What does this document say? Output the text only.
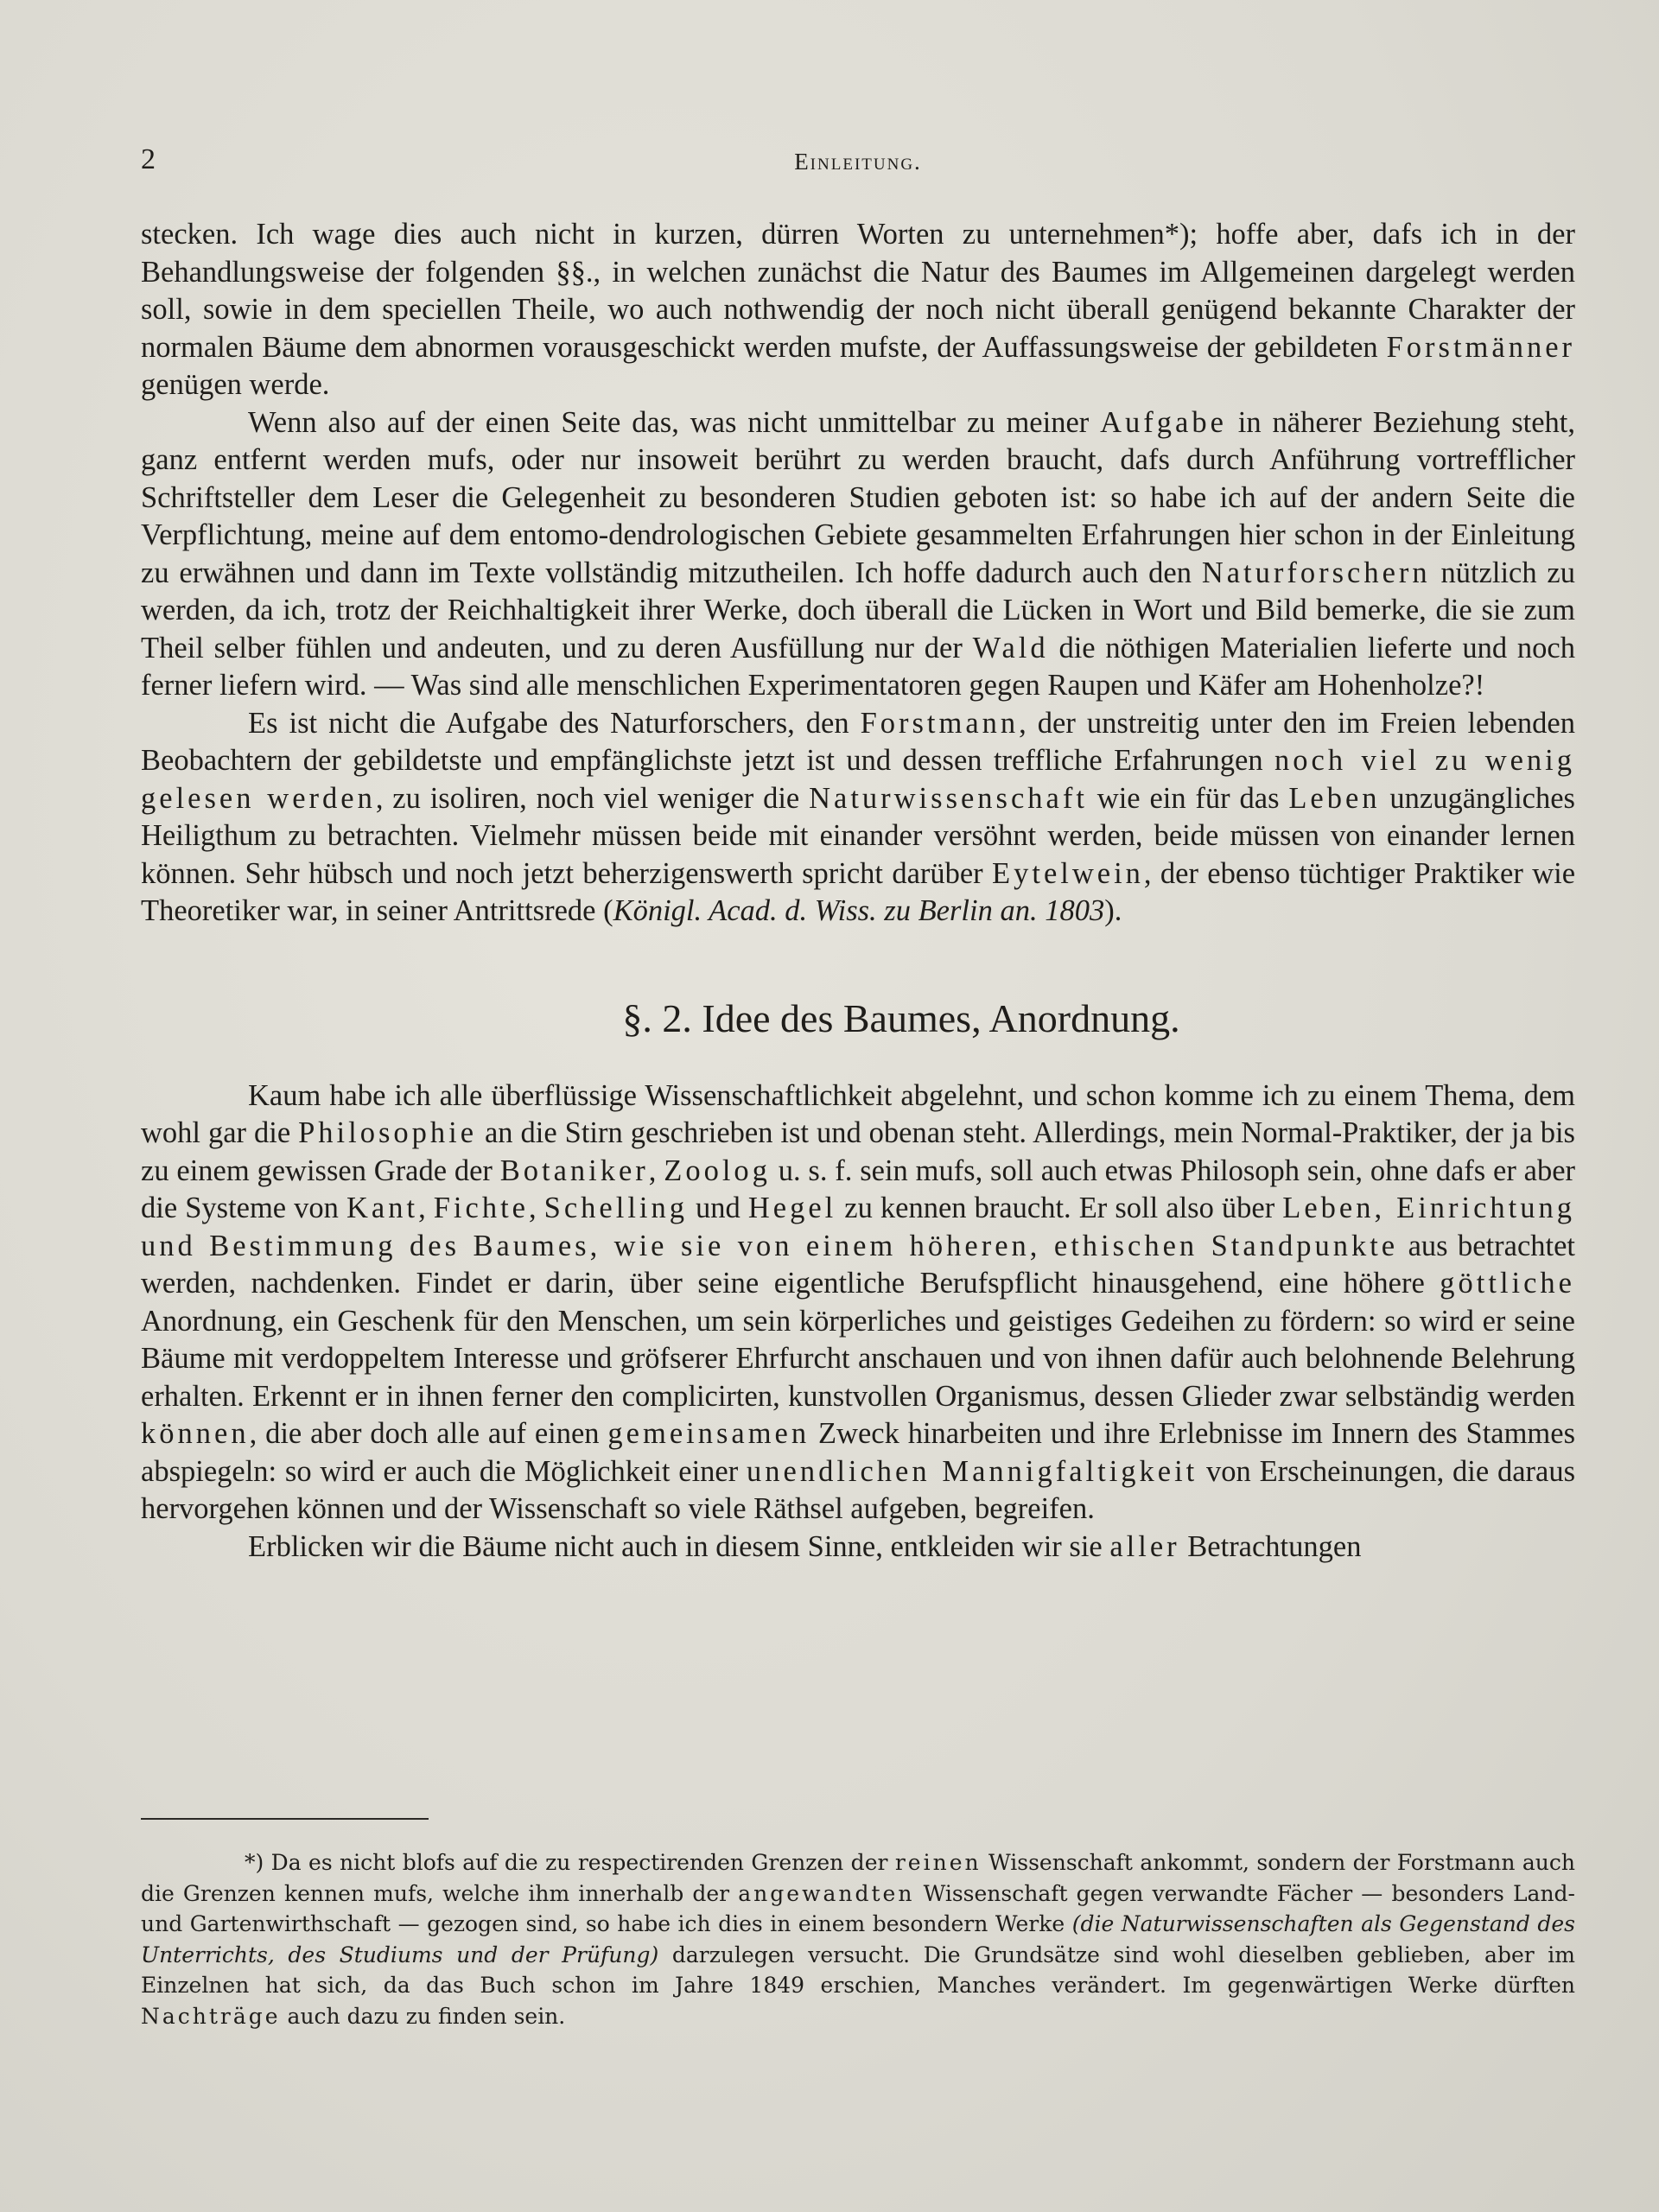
2	Einleitung.

stecken. Ich wage dies auch nicht in kurzen, dürren Worten zu unternehmen*); hoffe aber, dafs ich in der Behandlungsweise der folgenden §§., in welchen zunächst die Natur des Baumes im Allgemeinen dargelegt werden soll, sowie in dem speciellen Theile, wo auch nothwendig der noch nicht überall genügend bekannte Charakter der normalen Bäume dem abnormen vorausgeschickt werden mufste, der Auffassungsweise der gebildeten Forstmänner genügen werde.

Wenn also auf der einen Seite das, was nicht unmittelbar zu meiner Aufgabe in näherer Beziehung steht, ganz entfernt werden mufs, oder nur insoweit berührt zu werden braucht, dafs durch Anführung vortrefflicher Schriftsteller dem Leser die Gelegenheit zu besonderen Studien geboten ist: so habe ich auf der andern Seite die Verpflichtung, meine auf dem entomo-dendrologischen Gebiete gesammelten Erfahrungen hier schon in der Einleitung zu erwähnen und dann im Texte vollständig mitzutheilen. Ich hoffe dadurch auch den Naturforschern nützlich zu werden, da ich, trotz der Reichhaltigkeit ihrer Werke, doch überall die Lücken in Wort und Bild bemerke, die sie zum Theil selber fühlen und andeuten, und zu deren Ausfüllung nur der Wald die nöthigen Materialien lieferte und noch ferner liefern wird. — Was sind alle menschlichen Experimentatoren gegen Raupen und Käfer am Hohenholze?!

Es ist nicht die Aufgabe des Naturforschers, den Forstmann, der unstreitig unter den im Freien lebenden Beobachtern der gebildetste und empfänglichste jetzt ist und dessen treffliche Erfahrungen noch viel zu wenig gelesen werden, zu isoliren, noch viel weniger die Naturwissenschaft wie ein für das Leben unzugängliches Heiligthum zu betrachten. Vielmehr müssen beide mit einander versöhnt werden, beide müssen von einander lernen können. Sehr hübsch und noch jetzt beherzigenswerth spricht darüber Eytelwein, der ebenso tüchtiger Praktiker wie Theoretiker war, in seiner Antrittsrede (Königl. Acad. d. Wiss. zu Berlin an. 1803).

§. 2. Idee des Baumes, Anordnung.

Kaum habe ich alle überflüssige Wissenschaftlichkeit abgelehnt, und schon komme ich zu einem Thema, dem wohl gar die Philosophie an die Stirn geschrieben ist und obenan steht. Allerdings, mein Normal-Praktiker, der ja bis zu einem gewissen Grade der Botaniker, Zoolog u. s. f. sein mufs, soll auch etwas Philosoph sein, ohne dafs er aber die Systeme von Kant, Fichte, Schelling und Hegel zu kennen braucht. Er soll also über Leben, Einrichtung und Bestimmung des Baumes, wie sie von einem höheren, ethischen Standpunkte aus betrachtet werden, nachdenken. Findet er darin, über seine eigentliche Berufspflicht hinausgehend, eine höhere göttliche Anordnung, ein Geschenk für den Menschen, um sein körperliches und geistiges Gedeihen zu fördern: so wird er seine Bäume mit verdoppeltem Interesse und gröfserer Ehrfurcht anschauen und von ihnen dafür auch belohnende Belehrung erhalten. Erkennt er in ihnen ferner den complicirten, kunstvollen Organismus, dessen Glieder zwar selbständig werden können, die aber doch alle auf einen gemeinsamen Zweck hinarbeiten und ihre Erlebnisse im Innern des Stammes abspiegeln: so wird er auch die Möglichkeit einer unendlichen Mannigfaltigkeit von Erscheinungen, die daraus hervorgehen können und der Wissenschaft so viele Räthsel aufgeben, begreifen.

Erblicken wir die Bäume nicht auch in diesem Sinne, entkleiden wir sie aller Betrachtungen

*) Da es nicht blofs auf die zu respectirenden Grenzen der reinen Wissenschaft ankommt, sondern der Forstmann auch die Grenzen kennen mufs, welche ihm innerhalb der angewandten Wissenschaft gegen verwandte Fächer — besonders Land- und Gartenwirthschaft — gezogen sind, so habe ich dies in einem besondern Werke (die Naturwissenschaften als Gegenstand des Unterrichts, des Studiums und der Prüfung) darzulegen versucht. Die Grundsätze sind wohl dieselben geblieben, aber im Einzelnen hat sich, da das Buch schon im Jahre 1849 erschien, Manches verändert. Im gegenwärtigen Werke dürften Nachträge auch dazu zu finden sein.
